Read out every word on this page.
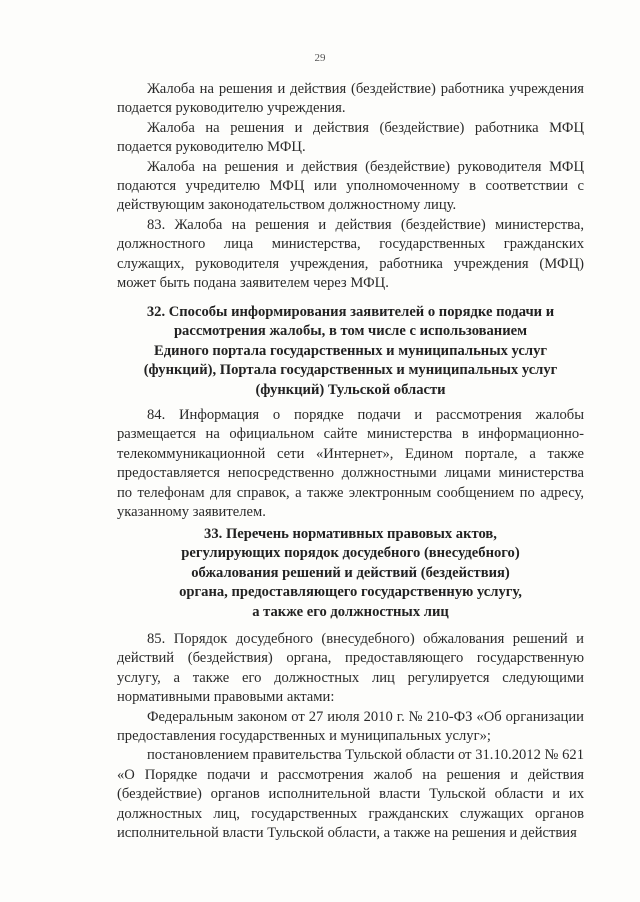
29

Жалоба на решения и действия (бездействие) работника учреждения подается руководителю учреждения.

Жалоба на решения и действия (бездействие) работника МФЦ подается руководителю МФЦ.

Жалоба на решения и действия (бездействие) руководителя МФЦ подаются учредителю МФЦ или уполномоченному в соответствии с действующим законодательством должностному лицу.

83. Жалоба на решения и действия (бездействие) министерства, должностного лица министерства, государственных гражданских служащих, руководителя учреждения, работника учреждения (МФЦ) может быть подана заявителем через МФЦ.

32. Способы информирования заявителей о порядке подачи и
рассмотрения жалобы, в том числе с использованием
Единого портала государственных и муниципальных услуг
(функций), Портала государственных и муниципальных услуг
(функций) Тульской области

84. Информация о порядке подачи и рассмотрения жалобы размещается на официальном сайте министерства в информационно-телекоммуникационной сети «Интернет», Едином портале, а также предоставляется непосредственно должностными лицами министерства по телефонам для справок, а также электронным сообщением по адресу, указанному заявителем.

33. Перечень нормативных правовых актов,
регулирующих порядок досудебного (внесудебного)
обжалования решений и действий (бездействия)
органа, предоставляющего государственную услугу,
а также его должностных лиц

85. Порядок досудебного (внесудебного) обжалования решений и действий (бездействия) органа, предоставляющего государственную услугу, а также его должностных лиц регулируется следующими нормативными правовыми актами:

Федеральным законом от 27 июля 2010 г. № 210-ФЗ «Об организации предоставления государственных и муниципальных услуг»;

постановлением правительства Тульской области от 31.10.2012 № 621 «О Порядке подачи и рассмотрения жалоб на решения и действия (бездействие) органов исполнительной власти Тульской области и их должностных лиц, государственных гражданских служащих органов исполнительной власти Тульской области, а также на решения и действия
